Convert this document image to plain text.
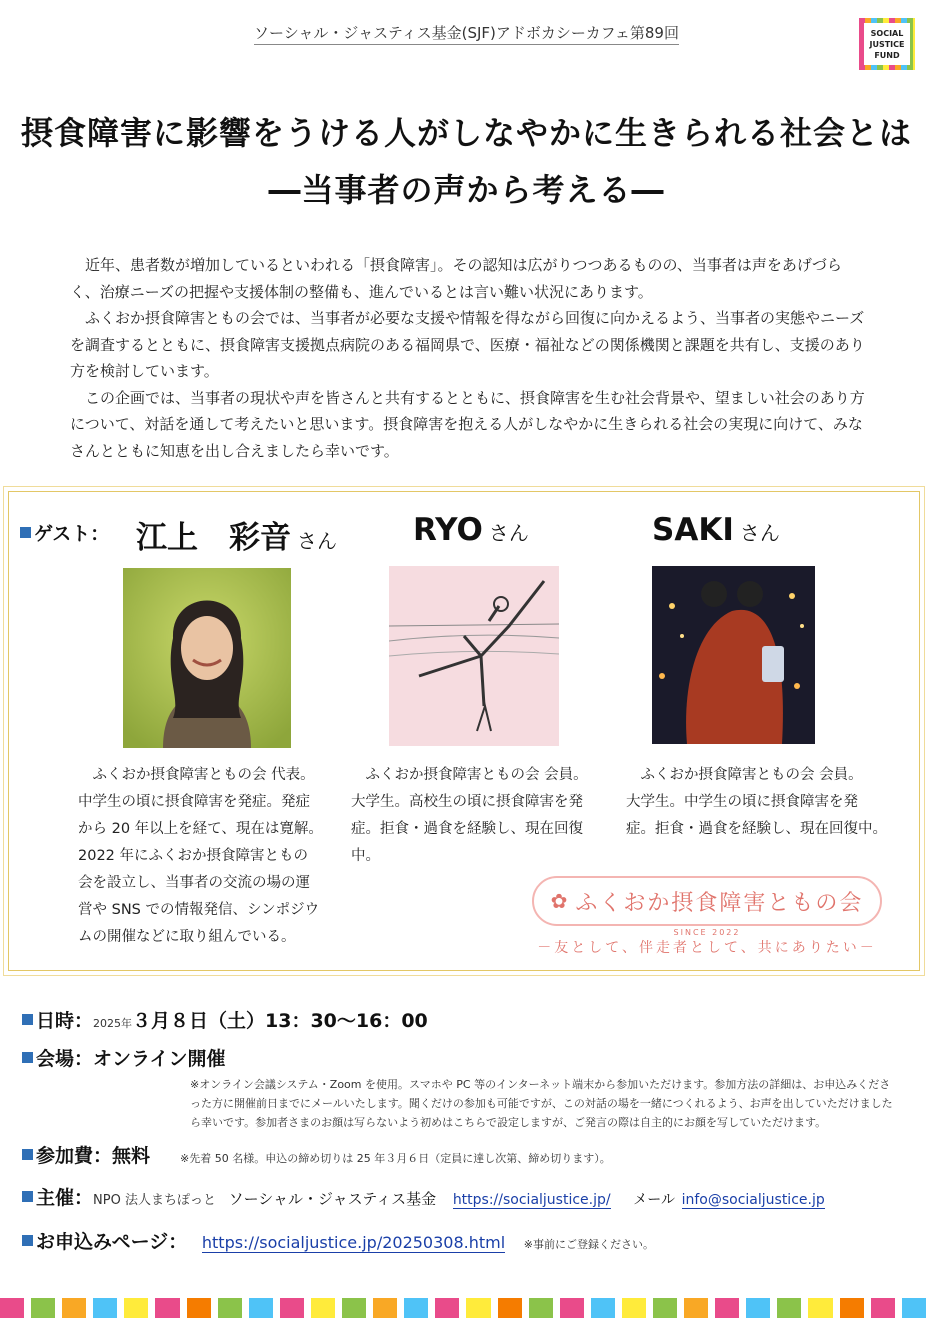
ソーシャル・ジャスティス基金(SJF)アドボカシーカフェ第89回	SOCIAL
JUSTICE
FUND
摂食障害に影響をうける人がしなやかに生きられる社会とは
―当事者の声から考える―

近年、患者数が増加しているといわれる「摂食障害」。その認知は広がりつつあるものの、当事者は声をあげづらく、治療ニーズの把握や支援体制の整備も、進んでいるとは言い難い状況にあります。

ふくおか摂食障害ともの会では、当事者が必要な支援や情報を得ながら回復に向かえるよう、当事者の実態やニーズを調査するとともに、摂食障害支援拠点病院のある福岡県で、医療・福祉などの関係機関と課題を共有し、支援のあり方を検討しています。

この企画では、当事者の現状や声を皆さんと共有するとともに、摂食障害を生む社会背景や、望ましい社会のあり方について、対話を通して考えたいと思います。摂食障害を抱える人がしなやかに生きられる社会の実現に向けて、みなさんとともに知恵を出し合えましたら幸いです。

ゲスト： 江上　彩音 さん RYO さん	SAKI さん

ふくおか摂食障害ともの会 代表。

中学生の頃に摂食障害を発症。発症

から 20 年以上を経て、現在は寛解。

2022 年にふくおか摂食障害ともの

会を設立し、当事者の交流の場の運

営や SNS での情報発信、シンポジウ

ムの開催などに取り組んでいる。

ふくおか摂食障害ともの会 会員。

大学生。高校生の頃に摂食障害を発

症。拒食・過食を経験し、現在回復中。

ふくおか摂食障害ともの会 会員。

大学生。中学生の頃に摂食障害を発

症。拒食・過食を経験し、現在回復中。

✿ ふくおか摂食障害ともの会
SINCE 2022
－友として、伴走者として、共にありたい－
日時：2025年３月８日（土）13：30～16：00
会場：オンライン開催
※オンライン会議システム・Zoom を使用。スマホや PC 等のインターネット端末から参加いただけます。参加方法の詳細は、お申込みくださった方に開催前日までにメールいたします。聞くだけの参加も可能ですが、この対話の場を一緒につくれるよう、お声を出していただけましたら幸いです。参加者さまのお顔は写らないよう初めはこちらで設定しますが、ご発言の際は自主的にお顔を写していただけます。
参加費：無料	※先着 50 名様。申込の締め切りは 25 年３月６日（定員に達し次第、締め切ります）。
主催：NPO 法人まちぽっと ソーシャル・ジャスティス基金 https://socialjustice.jp/ メール info@socialjustice.jp
お申込みページ： https://socialjustice.jp/20250308.html ※事前にご登録ください。
